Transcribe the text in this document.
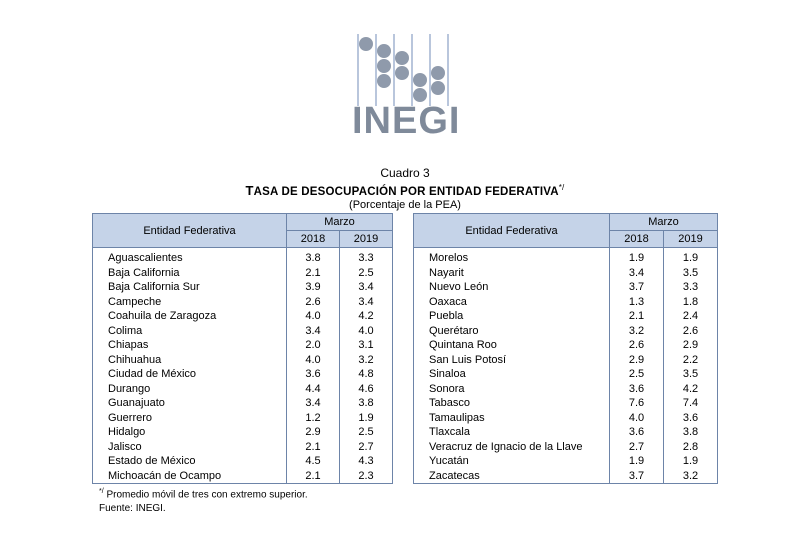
INEGI
Cuadro 3
TASA DE DESOCUPACIÓN POR ENTIDAD FEDERATIVA*/
(Porcentaje de la PEA)
Entidad Federativa	Marzo	
	2018	2019
Aguascalientes	3.8	3.3
Baja California	2.1	2.5
Baja California Sur	3.9	3.4
Campeche	2.6	3.4
Coahuila de Zaragoza	4.0	4.2
Colima	3.4	4.0
Chiapas	2.0	3.1
Chihuahua	4.0	3.2
Ciudad de México	3.6	4.8
Durango	4.4	4.6
Guanajuato	3.4	3.8
Guerrero	1.2	1.9
Hidalgo	2.9	2.5
Jalisco	2.1	2.7
Estado de México	4.5	4.3
Michoacán de Ocampo	2.1	2.3
Entidad Federativa	Marzo	
	2018	2019
Morelos	1.9	1.9
Nayarit	3.4	3.5
Nuevo León	3.7	3.3
Oaxaca	1.3	1.8
Puebla	2.1	2.4
Querétaro	3.2	2.6
Quintana Roo	2.6	2.9
San Luis Potosí	2.9	2.2
Sinaloa	2.5	3.5
Sonora	3.6	4.2
Tabasco	7.6	7.4
Tamaulipas	4.0	3.6
Tlaxcala	3.6	3.8
Veracruz de Ignacio de la Llave	2.7	2.8
Yucatán	1.9	1.9
Zacatecas	3.7	3.2
*/ Promedio móvil de tres con extremo superior.
Fuente: INEGI.
